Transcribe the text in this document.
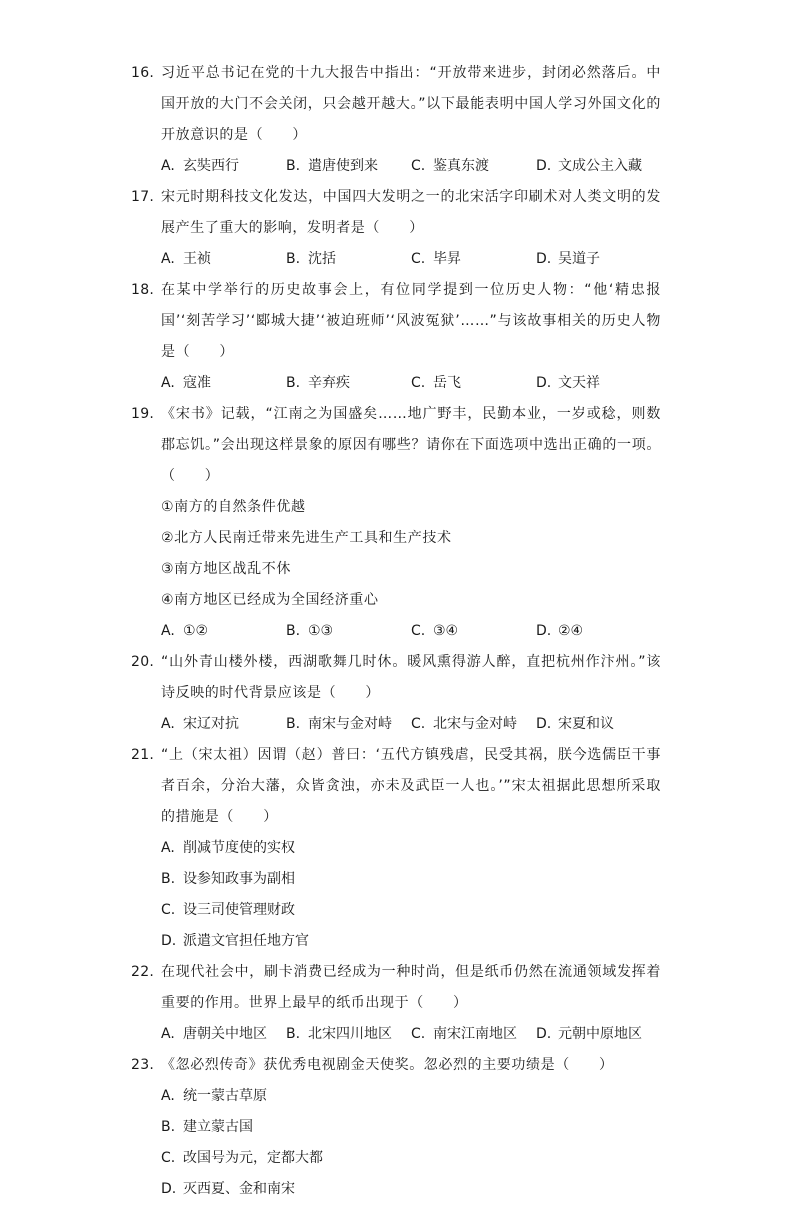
16. 习近平总书记在党的十九大报告中指出：“开放带来进步，封闭必然落后。中国开放的大门不会关闭，只会越开越大。”以下最能表明中国人学习外国文化的开放意识的是（　　）
A. 玄奘西行	B. 遣唐使到来	C. 鉴真东渡	D. 文成公主入藏
17. 宋元时期科技文化发达，中国四大发明之一的北宋活字印刷术对人类文明的发展产生了重大的影响，发明者是（　　）
A. 王祯	B. 沈括	C. 毕昇	D. 吴道子
18. 在某中学举行的历史故事会上，有位同学提到一位历史人物：“他‘精忠报国’‘刻苦学习’‘郾城大捷’‘被迫班师’‘风波冤狱’……”与该故事相关的历史人物是（　　）
A. 寇准	B. 辛弃疾	C. 岳飞	D. 文天祥
19. 《宋书》记载，“江南之为国盛矣……地广野丰，民勤本业，一岁或稔，则数郡忘饥。”会出现这样景象的原因有哪些？请你在下面选项中选出正确的一项。（　　）
①南方的自然条件优越
②北方人民南迁带来先进生产工具和生产技术
③南方地区战乱不休
④南方地区已经成为全国经济重心
A. ①②	B. ①③	C. ③④	D. ②④
20. “山外青山楼外楼，西湖歌舞几时休。暖风熏得游人醉，直把杭州作汴州。”该诗反映的时代背景应该是（　　）
A. 宋辽对抗	B. 南宋与金对峙	C. 北宋与金对峙	D. 宋夏和议
21. “上（宋太祖）因谓（赵）普曰：‘五代方镇残虐，民受其祸，朕今选儒臣干事者百余，分治大藩，众皆贪浊，亦未及武臣一人也。’”宋太祖据此思想所采取的措施是（　　）
A. 削减节度使的实权
B. 设参知政事为副相
C. 设三司使管理财政
D. 派遣文官担任地方官
22. 在现代社会中，刷卡消费已经成为一种时尚，但是纸币仍然在流通领域发挥着重要的作用。世界上最早的纸币出现于（　　）
A. 唐朝关中地区	B. 北宋四川地区	C. 南宋江南地区	D. 元朝中原地区
23. 《忽必烈传奇》获优秀电视剧金天使奖。忽必烈的主要功绩是（　　）
A. 统一蒙古草原
B. 建立蒙古国
C. 改国号为元，定都大都
D. 灭西夏、金和南宋
